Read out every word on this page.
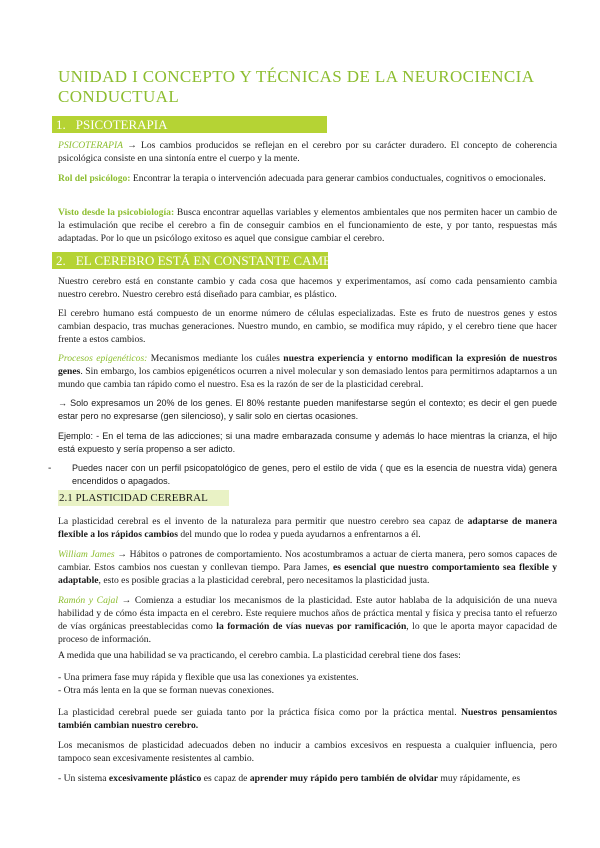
UNIDAD I CONCEPTO Y TÉCNICAS DE LA NEUROCIENCIA CONDUCTUAL
1. PSICOTERAPIA

PSICOTERAPIA → Los cambios producidos se reflejan en el cerebro por su carácter duradero. El concepto de coherencia psicológica consiste en una sintonía entre el cuerpo y la mente.

Rol del psicólogo: Encontrar la terapia o intervención adecuada para generar cambios conductuales, cognitivos o emocionales.

Visto desde la psicobiología: Busca encontrar aquellas variables y elementos ambientales que nos permiten hacer un cambio de la estimulación que recibe el cerebro a fin de conseguir cambios en el funcionamiento de este, y por tanto, respuestas más adaptadas. Por lo que un psicólogo exitoso es aquel que consigue cambiar el cerebro.

2. EL CEREBRO ESTÁ EN CONSTANTE CAMBIO

Nuestro cerebro está en constante cambio y cada cosa que hacemos y experimentamos, así como cada pensamiento cambia nuestro cerebro. Nuestro cerebro está diseñado para cambiar, es plástico.

El cerebro humano está compuesto de un enorme número de células especializadas. Este es fruto de nuestros genes y estos cambian despacio, tras muchas generaciones. Nuestro mundo, en cambio, se modifica muy rápido, y el cerebro tiene que hacer frente a estos cambios.

Procesos epigenéticos: Mecanismos mediante los cuáles nuestra experiencia y entorno modifican la expresión de nuestros genes. Sin embargo, los cambios epigenéticos ocurren a nivel molecular y son demasiado lentos para permitirnos adaptarnos a un mundo que cambia tan rápido como el nuestro. Esa es la razón de ser de la plasticidad cerebral.

→ Solo expresamos un 20% de los genes. El 80% restante pueden manifestarse según el contexto; es decir el gen puede estar pero no expresarse (gen silencioso), y salir solo en ciertas ocasiones.

Ejemplo: - En el tema de las adicciones; si una madre embarazada consume y además lo hace mientras la crianza, el hijo está expuesto y sería propenso a ser adicto.

- Puedes nacer con un perfil psicopatológico de genes, pero el estilo de vida ( que es la esencia de nuestra vida) genera encendidos o apagados.

2.1 PLASTICIDAD CEREBRAL

La plasticidad cerebral es el invento de la naturaleza para permitir que nuestro cerebro sea capaz de adaptarse de manera flexible a los rápidos cambios del mundo que lo rodea y pueda ayudarnos a enfrentarnos a él.

William James → Hábitos o patrones de comportamiento. Nos acostumbramos a actuar de cierta manera, pero somos capaces de cambiar. Estos cambios nos cuestan y conllevan tiempo. Para James, es esencial que nuestro comportamiento sea flexible y adaptable, esto es posible gracias a la plasticidad cerebral, pero necesitamos la plasticidad justa.

Ramón y Cajal → Comienza a estudiar los mecanismos de la plasticidad. Este autor hablaba de la adquisición de una nueva habilidad y de cómo ésta impacta en el cerebro. Este requiere muchos años de práctica mental y física y precisa tanto el refuerzo de vías orgánicas preestablecidas como la formación de vías nuevas por ramificación, lo que le aporta mayor capacidad de proceso de información.

A medida que una habilidad se va practicando, el cerebro cambia. La plasticidad cerebral tiene dos fases:

- Una primera fase muy rápida y flexible que usa las conexiones ya existentes.

- Otra más lenta en la que se forman nuevas conexiones.

La plasticidad cerebral puede ser guiada tanto por la práctica física como por la práctica mental. Nuestros pensamientos también cambian nuestro cerebro.

Los mecanismos de plasticidad adecuados deben no inducir a cambios excesivos en respuesta a cualquier influencia, pero tampoco sean excesivamente resistentes al cambio.

- Un sistema excesivamente plástico es capaz de aprender muy rápido pero también de olvidar muy rápidamente, es
